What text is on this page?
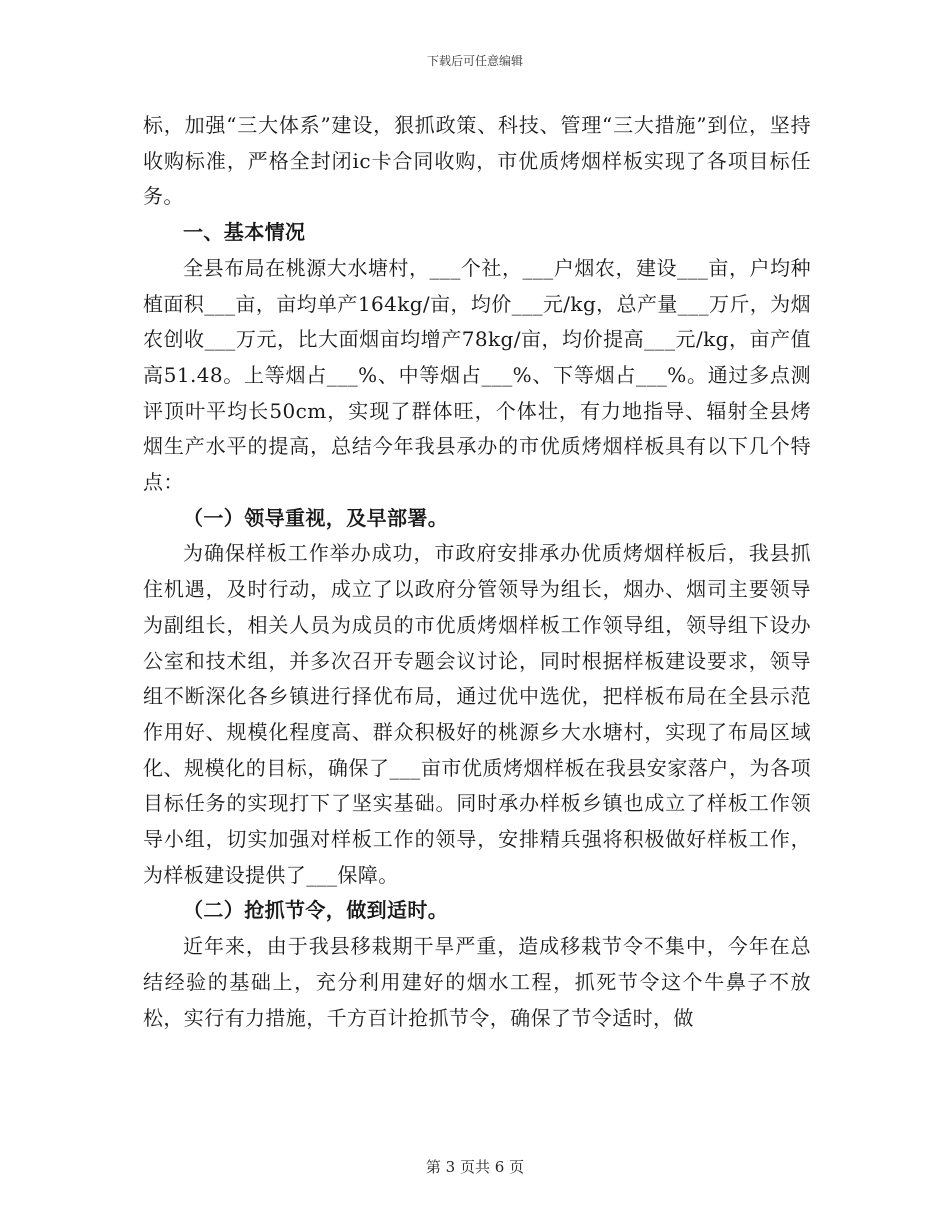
下载后可任意编辑

标，加强“三大体系”建设，狠抓政策、科技、管理“三大措施”到位，坚持收购标准，严格全封闭ic卡合同收购，市优质烤烟样板实现了各项目标任务。

一、基本情况

全县布局在桃源大水塘村，___个社，___户烟农，建设___亩，户均种植面积___亩，亩均单产164kg/亩，均价___元/kg，总产量___万斤，为烟农创收___万元，比大面烟亩均增产78kg/亩，均价提高___元/kg，亩产值高51.48。上等烟占___%、中等烟占___%、下等烟占___%。通过多点测评顶叶平均长50cm，实现了群体旺，个体壮，有力地指导、辐射全县烤烟生产水平的提高，总结今年我县承办的市优质烤烟样板具有以下几个特点：

（一）领导重视，及早部署。

为确保样板工作举办成功，市政府安排承办优质烤烟样板后，我县抓住机遇，及时行动，成立了以政府分管领导为组长，烟办、烟司主要领导为副组长，相关人员为成员的市优质烤烟样板工作领导组，领导组下设办公室和技术组，并多次召开专题会议讨论，同时根据样板建设要求，领导组不断深化各乡镇进行择优布局，通过优中选优，把样板布局在全县示范作用好、规模化程度高、群众积极好的桃源乡大水塘村，实现了布局区域化、规模化的目标，确保了___亩市优质烤烟样板在我县安家落户，为各项目标任务的实现打下了坚实基础。同时承办样板乡镇也成立了样板工作领导小组，切实加强对样板工作的领导，安排精兵强将积极做好样板工作，为样板建设提供了___保障。

（二）抢抓节令，做到适时。

近年来，由于我县移栽期干旱严重，造成移栽节令不集中，今年在总结经验的基础上，充分利用建好的烟水工程，抓死节令这个牛鼻子不放松，实行有力措施，千方百计抢抓节令，确保了节令适时，做

第 3 页共 6 页
